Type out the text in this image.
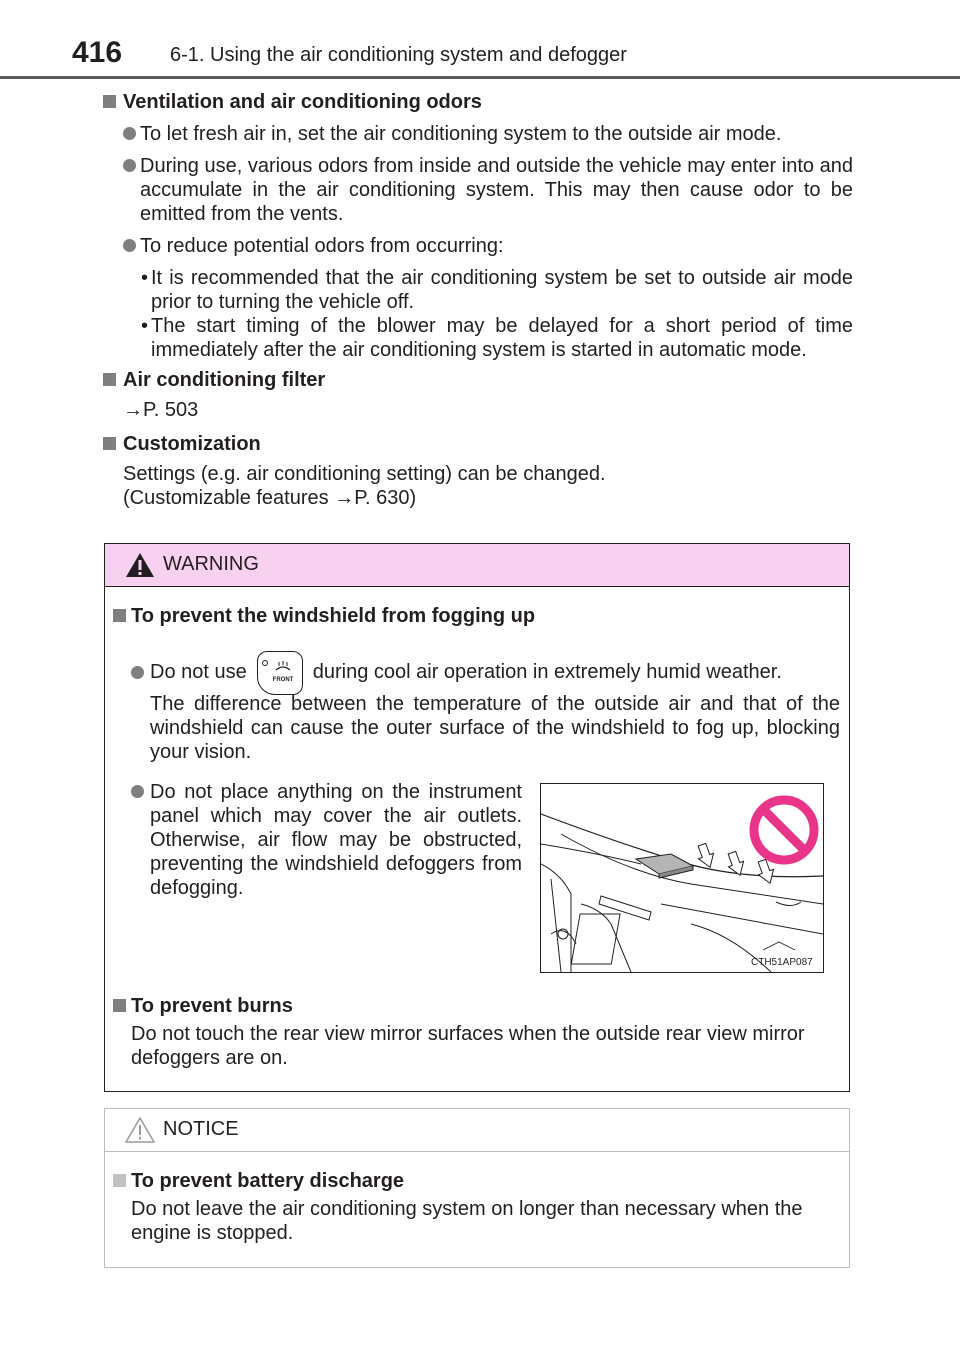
416 6-1. Using the air conditioning system and defogger

Ventilation and air conditioning odors

To let fresh air in, set the air conditioning system to the outside air mode.

During use, various odors from inside and outside the vehicle may enter into and accumulate in the air conditioning system. This may then cause odor to be emitted from the vents.

To reduce potential odors from occurring:

• It is recommended that the air conditioning system be set to outside air mode prior to turning the vehicle off.

• The start timing of the blower may be delayed for a short period of time immediately after the air conditioning system is started in automatic mode.

Air conditioning filter

→P. 503

Customization

Settings (e.g. air conditioning setting) can be changed.

(Customizable features →P. 630)

WARNING
To prevent the windshield from fogging up
Do not use	FRONT during cool air operation in extremely humid weather.
The difference between the temperature of the outside air and that of the windshield can cause the outer surface of the windshield to fog up, blocking your vision.
Do not place anything on the instrument panel which may cover the air outlets. Otherwise, air flow may be obstructed, preventing the windshield defoggers from defogging.
To prevent burns
Do not touch the rear view mirror surfaces when the outside rear view mirror defoggers are on.
CTH51AP087
NOTICE
To prevent battery discharge
Do not leave the air conditioning system on longer than necessary when the engine is stopped.
